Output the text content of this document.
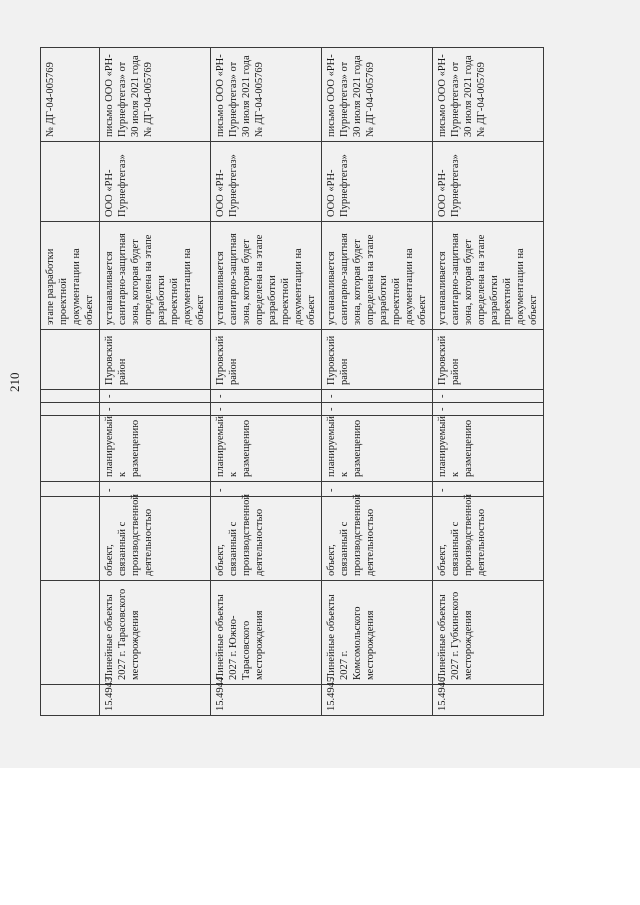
210
								этапе разработки проектной документации на объект		№ ДГ-04-005769
15.4943	Линейные объекты 2027 г. Тарасовского месторождения	объект, связанный с производственной деятельностью	-	планируемый к размещению	-	-	Пуровский район	устанавливается санитарно-защитная зона, которая будет определена на этапе разработки проектной документации на объект	ООО «РН-Пурнефтегаз»	письмо ООО «РН-Пурнефтегаз» от 30 июля 2021 года № ДГ-04-005769
15.4944	Линейные объекты 2027 г. Южно-Тарасовского месторождения	объект, связанный с производственной деятельностью	-	планируемый к размещению	-	-	Пуровский район	устанавливается санитарно-защитная зона, которая будет определена на этапе разработки проектной документации на объект	ООО «РН-Пурнефтегаз»	письмо ООО «РН-Пурнефтегаз» от 30 июля 2021 года № ДГ-04-005769
15.4945	Линейные объекты 2027 г. Комсомольского месторождения	объект, связанный с производственной деятельностью	-	планируемый к размещению	-	-	Пуровский район	устанавливается санитарно-защитная зона, которая будет определена на этапе разработки проектной документации на объект	ООО «РН-Пурнефтегаз»	письмо ООО «РН-Пурнефтегаз» от 30 июля 2021 года № ДГ-04-005769
15.4946	Линейные объекты 2027 г. Губкинского месторождения	объект, связанный с производственной деятельностью	-	планируемый к размещению	-	-	Пуровский район	устанавливается санитарно-защитная зона, которая будет определена на этапе разработки проектной документации на объект	ООО «РН-Пурнефтегаз»	письмо ООО «РН-Пурнефтегаз» от 30 июля 2021 года № ДГ-04-005769
